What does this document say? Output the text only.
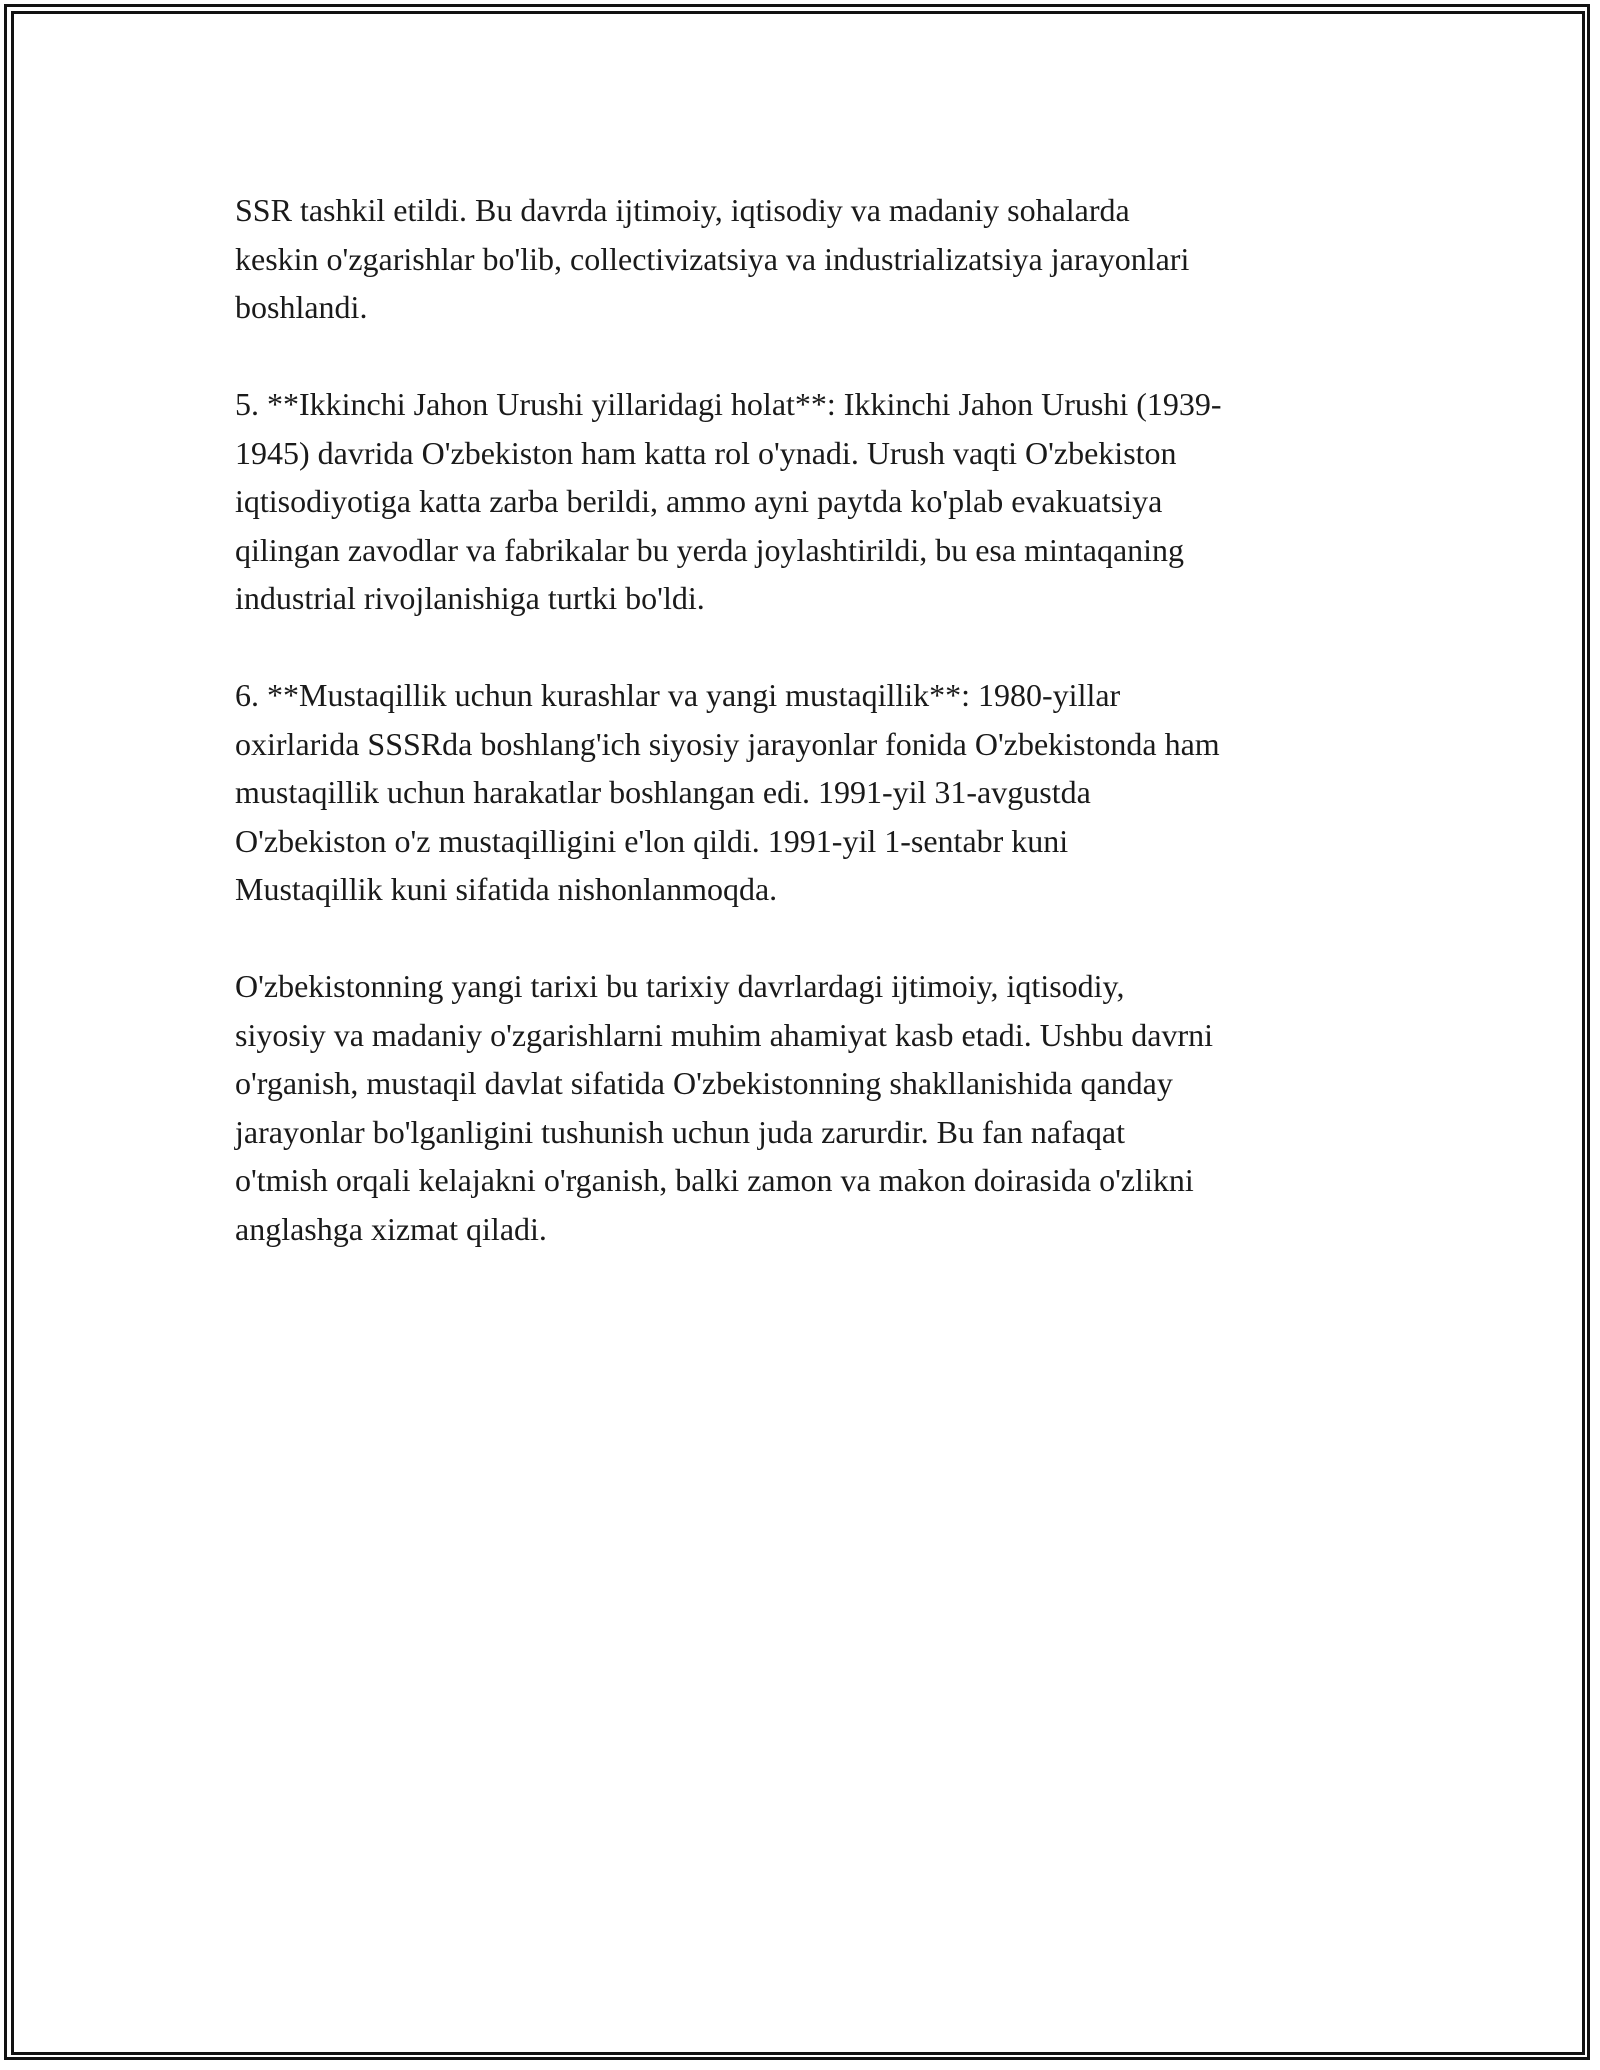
SSR tashkil etildi. Bu davrda ijtimoiy, iqtisodiy va madaniy sohalarda
keskin o'zgarishlar bo'lib, collectivizatsiya va industrializatsiya jarayonlari
boshlandi.

5. **Ikkinchi Jahon Urushi yillaridagi holat**: Ikkinchi Jahon Urushi (1939-
1945) davrida O'zbekiston ham katta rol o'ynadi. Urush vaqti O'zbekiston
iqtisodiyotiga katta zarba berildi, ammo ayni paytda ko'plab evakuatsiya
qilingan zavodlar va fabrikalar bu yerda joylashtirildi, bu esa mintaqaning
industrial rivojlanishiga turtki bo'ldi.

6. **Mustaqillik uchun kurashlar va yangi mustaqillik**: 1980-yillar
oxirlarida SSSRda boshlang'ich siyosiy jarayonlar fonida O'zbekistonda ham
mustaqillik uchun harakatlar boshlangan edi. 1991-yil 31-avgustda
O'zbekiston o'z mustaqilligini e'lon qildi. 1991-yil 1-sentabr kuni
Mustaqillik kuni sifatida nishonlanmoqda.

O'zbekistonning yangi tarixi bu tarixiy davrlardagi ijtimoiy, iqtisodiy,
siyosiy va madaniy o'zgarishlarni muhim ahamiyat kasb etadi. Ushbu davrni
o'rganish, mustaqil davlat sifatida O'zbekistonning shakllanishida qanday
jarayonlar bo'lganligini tushunish uchun juda zarurdir. Bu fan nafaqat
o'tmish orqali kelajakni o'rganish, balki zamon va makon doirasida o'zlikni
anglashga xizmat qiladi.
